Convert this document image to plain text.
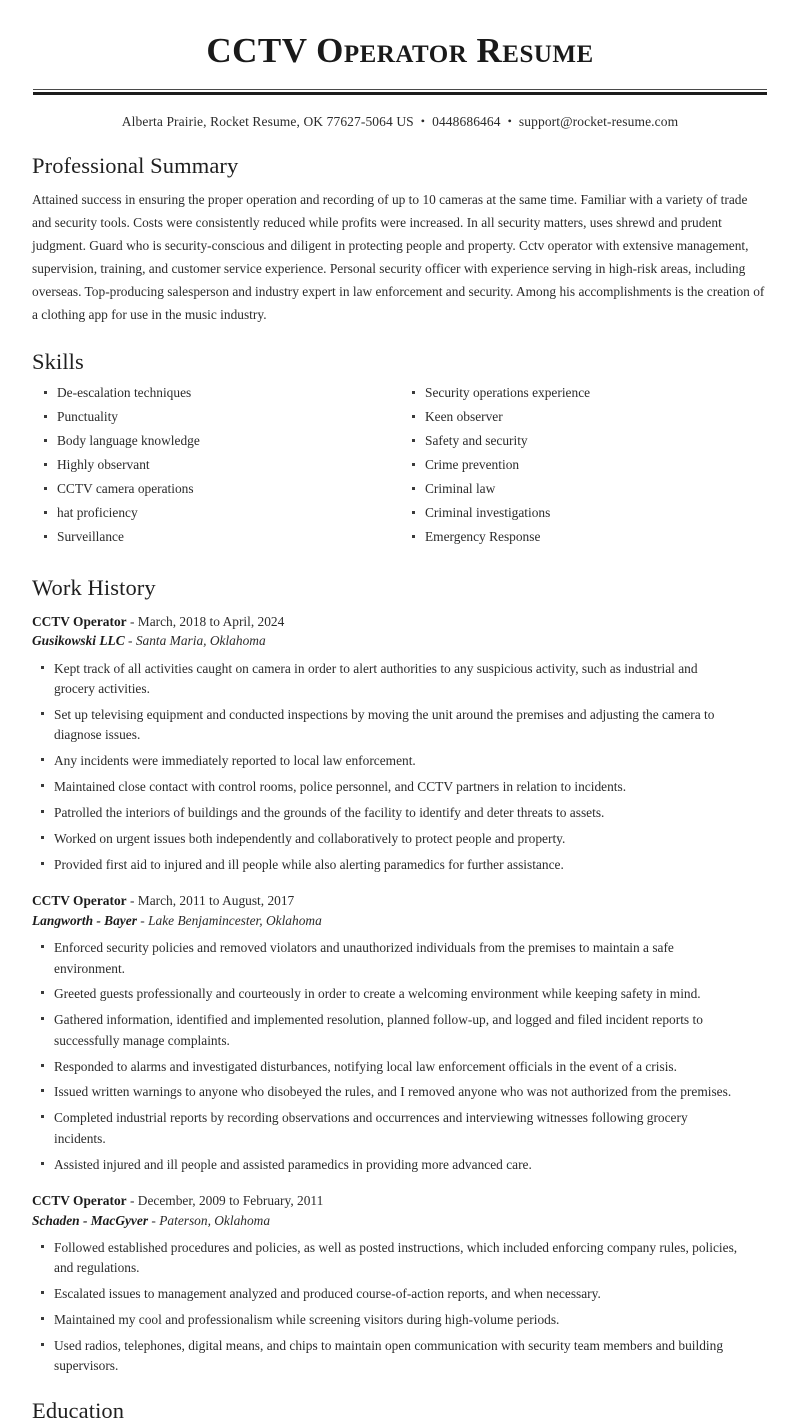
CCTV Operator Resume
Alberta Prairie, Rocket Resume, OK 77627-5064 US • 0448686464 • support@rocket-resume.com
Professional Summary

Attained success in ensuring the proper operation and recording of up to 10 cameras at the same time. Familiar with a variety of trade and security tools. Costs were consistently reduced while profits were increased. In all security matters, uses shrewd and prudent judgment. Guard who is security-conscious and diligent in protecting people and property. Cctv operator with extensive management, supervision, training, and customer service experience. Personal security officer with experience serving in high-risk areas, including overseas. Top-producing salesperson and industry expert in law enforcement and security. Among his accomplishments is the creation of a clothing app for use in the music industry.

Skills
De-escalation techniques
Punctuality
Body language knowledge
Highly observant
CCTV camera operations
hat proficiency
Surveillance
Security operations experience
Keen observer
Safety and security
Crime prevention
Criminal law
Criminal investigations
Emergency Response
Work History
CCTV Operator - March, 2018 to April, 2024
Gusikowski LLC - Santa Maria, Oklahoma
Kept track of all activities caught on camera in order to alert authorities to any suspicious activity, such as industrial and grocery activities.
Set up televising equipment and conducted inspections by moving the unit around the premises and adjusting the camera to diagnose issues.
Any incidents were immediately reported to local law enforcement.
Maintained close contact with control rooms, police personnel, and CCTV partners in relation to incidents.
Patrolled the interiors of buildings and the grounds of the facility to identify and deter threats to assets.
Worked on urgent issues both independently and collaboratively to protect people and property.
Provided first aid to injured and ill people while also alerting paramedics for further assistance.
CCTV Operator - March, 2011 to August, 2017
Langworth - Bayer - Lake Benjamincester, Oklahoma
Enforced security policies and removed violators and unauthorized individuals from the premises to maintain a safe environment.
Greeted guests professionally and courteously in order to create a welcoming environment while keeping safety in mind.
Gathered information, identified and implemented resolution, planned follow-up, and logged and filed incident reports to successfully manage complaints.
Responded to alarms and investigated disturbances, notifying local law enforcement officials in the event of a crisis.
Issued written warnings to anyone who disobeyed the rules, and I removed anyone who was not authorized from the premises.
Completed industrial reports by recording observations and occurrences and interviewing witnesses following grocery incidents.
Assisted injured and ill people and assisted paramedics in providing more advanced care.
CCTV Operator - December, 2009 to February, 2011
Schaden - MacGyver - Paterson, Oklahoma
Followed established procedures and policies, as well as posted instructions, which included enforcing company rules, policies, and regulations.
Escalated issues to management analyzed and produced course-of-action reports, and when necessary.
Maintained my cool and professionalism while screening visitors during high-volume periods.
Used radios, telephones, digital means, and chips to maintain open communication with security team members and building supervisors.
Education
